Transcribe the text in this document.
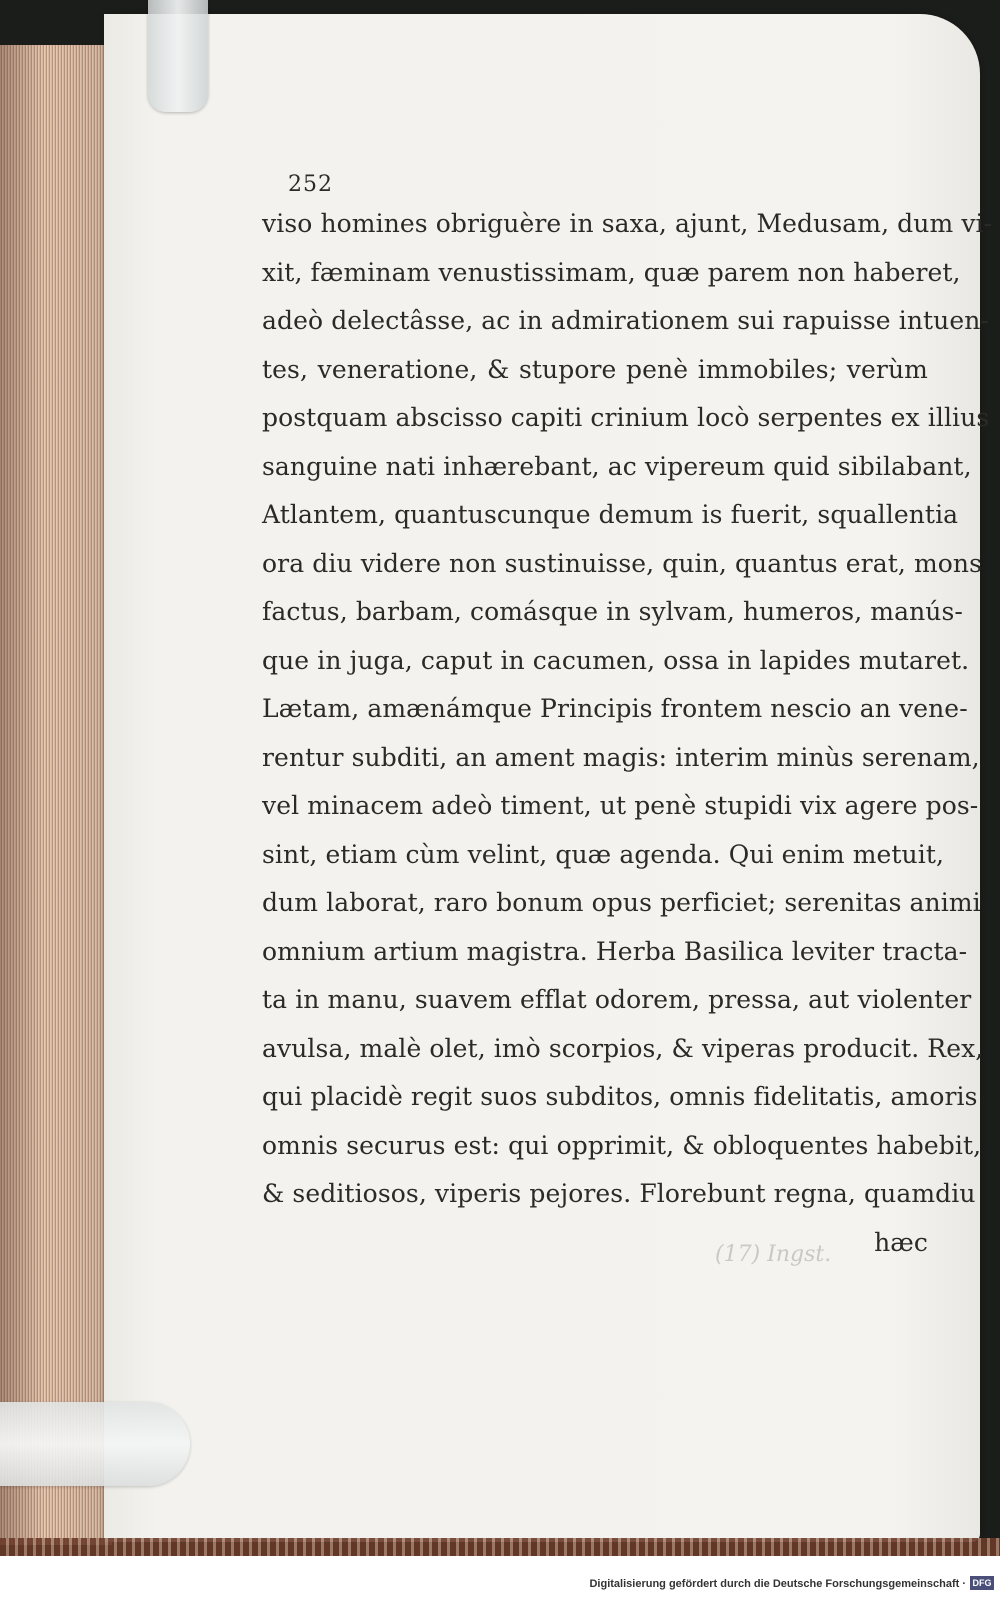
252
viso homines obriguère in saxa, ajunt, Medusam, dum vi-
xit, fæminam venustissimam, quæ parem non haberet,
adeò delectâsse, ac in admirationem sui rapuisse intuen-
tes, veneratione, & stupore penè immobiles; verùm
postquam abscisso capiti crinium locò serpentes ex illius
sanguine nati inhærebant, ac vipereum quid sibilabant,
Atlantem, quantuscunque demum is fuerit, squallentia
ora diu videre non sustinuisse, quin, quantus erat, mons
factus, barbam, comásque in sylvam, humeros, manús-
que in juga, caput in cacumen, ossa in lapides mutaret.
Lætam, amænámque Principis frontem nescio an vene-
rentur subditi, an ament magis: interim minùs serenam,
vel minacem adeò timent, ut penè stupidi vix agere pos-
sint, etiam cùm velint, quæ agenda. Qui enim metuit,
dum laborat, raro bonum opus perficiet; serenitas animi
omnium artium magistra. Herba Basilica leviter tracta-
ta in manu, suavem efflat odorem, pressa, aut violenter
avulsa, malè olet, imò scorpios, & viperas producit. Rex,
qui placidè regit suos subditos, omnis fidelitatis, amoris
omnis securus est: qui opprimit, & obloquentes habebit,
& seditiosos, viperis pejores. Florebunt regna, quamdiu
hæc
(17) Ingst.
Digitalisierung gefördert durch die Deutsche Forschungsgemeinschaft · DFG
